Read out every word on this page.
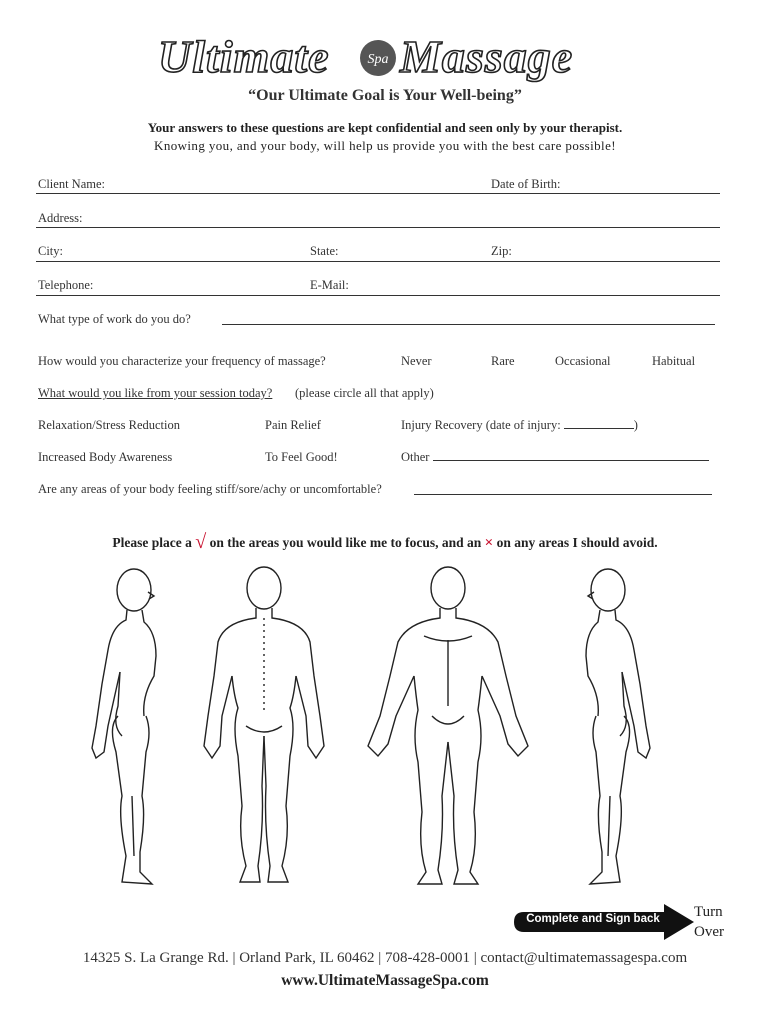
Ultimate	Spa Massage
“Our Ultimate Goal is Your Well-being”
Your answers to these questions are kept confidential and seen only by your therapist.
Knowing you, and your body, will help us provide you with the best care possible!
Client Name:	Date of Birth:
Address:
City:	State:	Zip:
Telephone:	E-Mail:
What type of work do you do?
How would you characterize your frequency of massage?	Never	Rare	Occasional	Habitual
What would you like from your session today? (please circle all that apply)
Relaxation/Stress Reduction	Pain Relief	Injury Recovery (date of injury:	)
Increased Body Awareness	To Feel Good!	Other
Are any areas of your body feeling stiff/sore/achy or uncomfortable?
Please place a √ on the areas you would like me to focus, and an × on any areas I should avoid.
Complete and Sign back	Turn
Over
14325 S. La Grange Rd. | Orland Park, IL 60462 | 708-428-0001 | contact@ultimatemassagespa.com
www.UltimateMassageSpa.com
